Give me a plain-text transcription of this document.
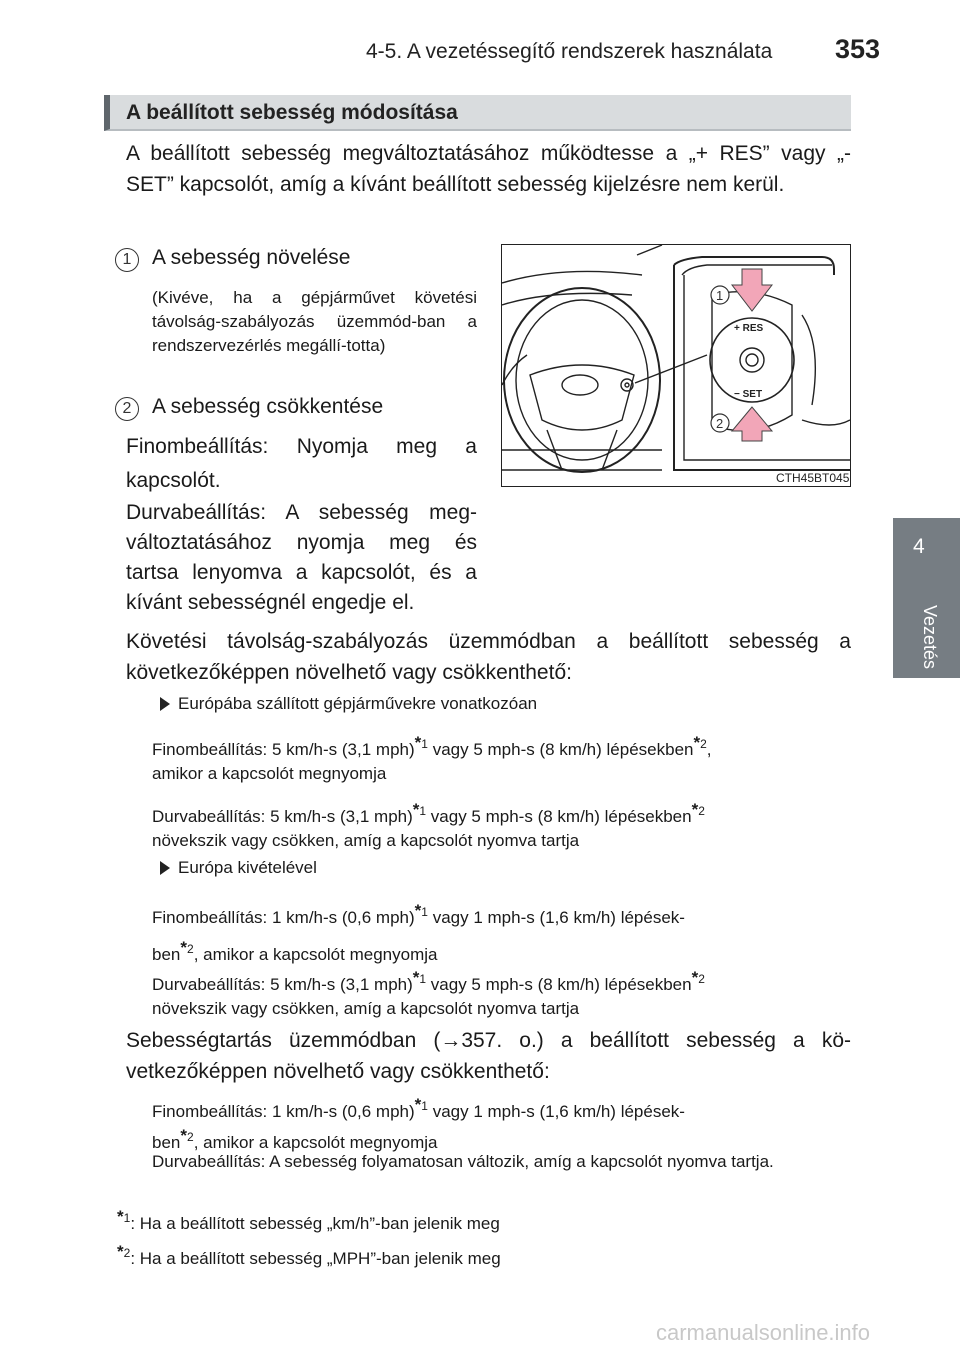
4-5. A vezetéssegítő rendszerek használata 353
4
Vezetés
A beállított sebesség módosítása
A beállított sebesség megváltoztatásához működtesse a „+ RES” vagy „- SET” kapcsolót, amíg a kívánt beállított sebesség kijelzésre nem kerül.
1 A sebesség növelése
(Kivéve, ha a gépjárművet követési távolság-szabályozás üzemmód-ban a rendszervezérlés megállí-totta)
2 A sebesség csökkentése
Finombeállítás: Nyomja meg a kapcsolót.
Durvabeállítás: A sebesség meg-változtatásához nyomja meg és tartsa lenyomva a kapcsolót, és a kívánt sebességnél engedje el.
+ RES
− SET
1
2
CTH45BT045
Követési távolság-szabályozás üzemmódban a beállított sebesség a következőképpen növelhető vagy csökkenthető:
Európába szállított gépjárművekre vonatkozóan
Finombeállítás: 5 km/h-s (3,1 mph)$^{*1}$ vagy 5 mph-s (8 km/h) lépésekben$^{*2}$,
amikor a kapcsolót megnyomja
Durvabeállítás: 5 km/h-s (3,1 mph)$^{*1}$ vagy 5 mph-s (8 km/h) lépésekben$^{*2}$
növekszik vagy csökken, amíg a kapcsolót nyomva tartja
Európa kivételével
Finombeállítás: 1 km/h-s (0,6 mph)$^{*1}$ vagy 1 mph-s (1,6 km/h) lépések-
ben$^{*2}$, amikor a kapcsolót megnyomja
Durvabeállítás: 5 km/h-s (3,1 mph)$^{*1}$ vagy 5 mph-s (8 km/h) lépésekben$^{*2}$
növekszik vagy csökken, amíg a kapcsolót nyomva tartja
Sebességtartás üzemmódban (→357. o.) a beállított sebesség a kö-vetkezőképpen növelhető vagy csökkenthető:
Finombeállítás: 1 km/h-s (0,6 mph)$^{*1}$ vagy 1 mph-s (1,6 km/h) lépések-
ben$^{*2}$, amikor a kapcsolót megnyomja
Durvabeállítás: A sebesség folyamatosan változik, amíg a kapcsolót nyomva tartja.
$^{*1}$: Ha a beállított sebesség „km/h”-ban jelenik meg
$^{*2}$: Ha a beállított sebesség „MPH”-ban jelenik meg
carmanualsonline.info
